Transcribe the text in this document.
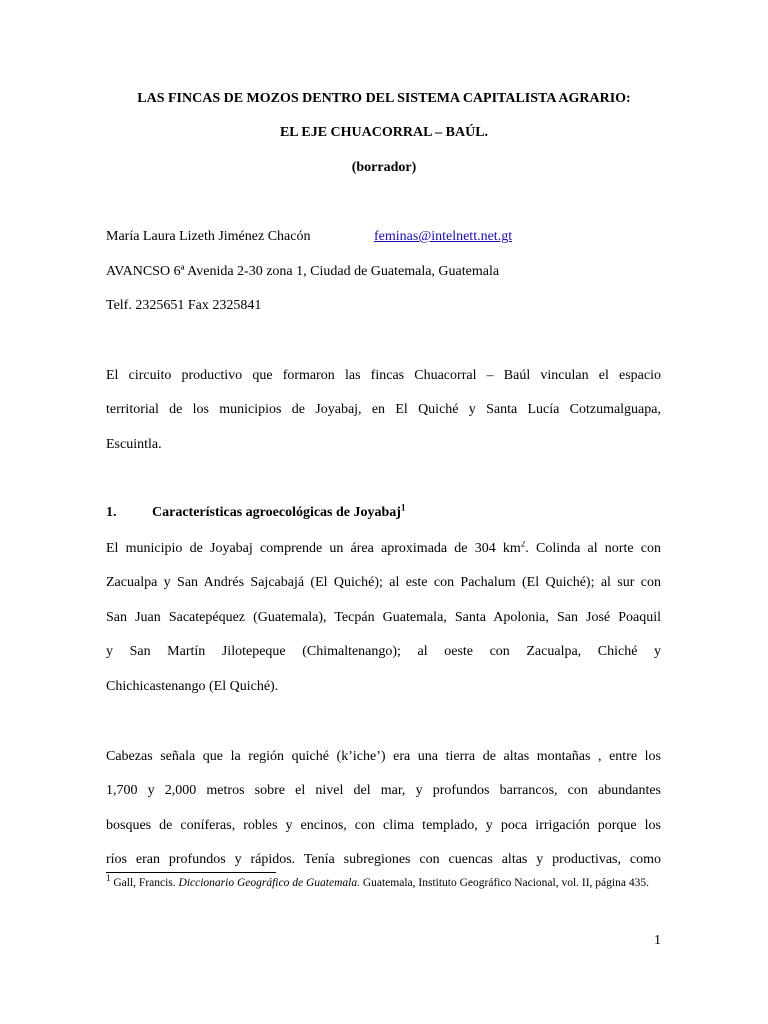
LAS FINCAS DE MOZOS DENTRO DEL SISTEMA CAPITALISTA AGRARIO:

EL EJE CHUACORRAL – BAÚL.

(borrador)

María Laura Lizeth Jiménez Chacón	feminas@intelnett.net.gt

AVANCSO 6ª Avenida 2-30 zona 1, Ciudad de Guatemala, Guatemala

Telf. 2325651 Fax 2325841

El circuito productivo que formaron las fincas Chuacorral – Baúl vinculan el espacio

territorial de los municipios de Joyabaj, en El Quiché y Santa Lucía Cotzumalguapa,

Escuintla.

1.	Características agroecológicas de Joyabaj$^1$

El municipio de Joyabaj comprende un área aproximada de 304 $km^2$. Colinda al norte con

Zacualpa y San Andrés Sajcabajá (El Quiché); al este con Pachalum (El Quiché); al sur con

San Juan Sacatepéquez (Guatemala), Tecpán Guatemala, Santa Apolonia, San José Poaquil

y San Martín Jilotepeque (Chimaltenango); al oeste con Zacualpa, Chiché y

Chichicastenango (El Quiché).

Cabezas señala que la región quiché (k’iche’) era una tierra de altas montañas , entre los

1,700 y 2,000 metros sobre el nivel del mar, y profundos barrancos, con abundantes

bosques de coníferas, robles y encinos, con clima templado, y poca irrigación porque los

ríos eran profundos y rápidos. Tenía subregiones con cuencas altas y productivas, como

$^1$ Gall, Francis. Diccionario Geográfico de Guatemala. Guatemala, Instituto Geográfico Nacional, vol. II, página 435.

1
